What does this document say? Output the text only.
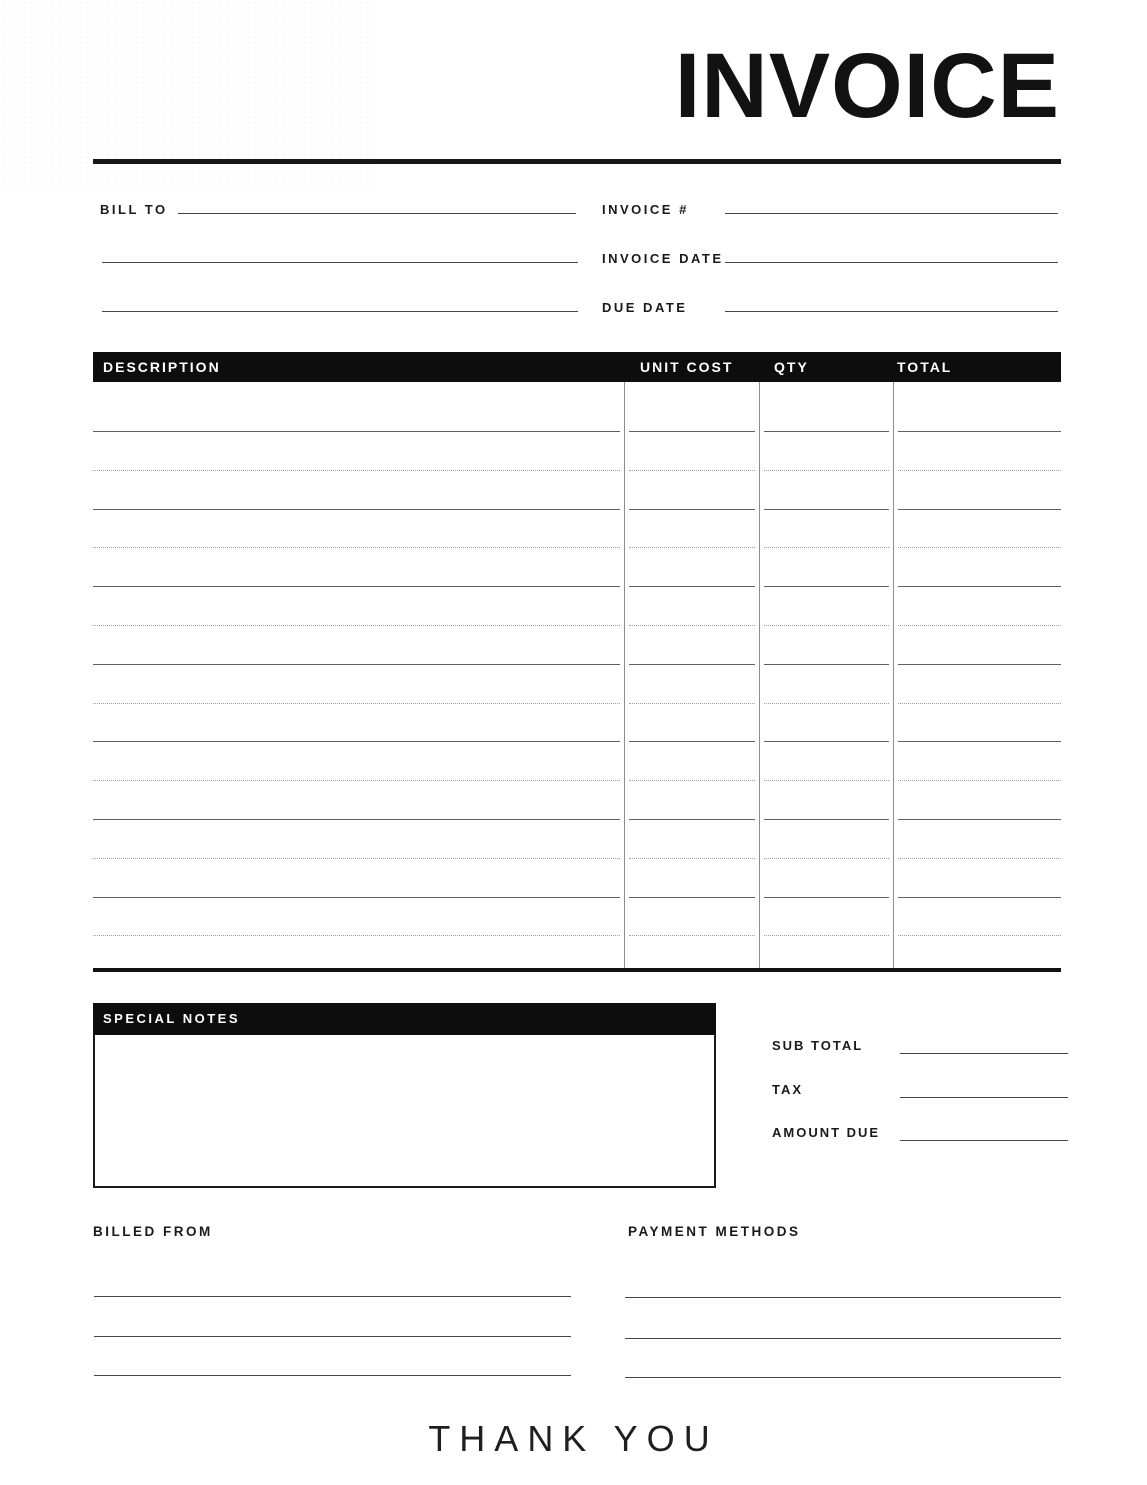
INVOICE
BILL TO	INVOICE #
INVOICE DATE
DUE DATE
DESCRIPTION	UNIT COST	QTY	TOTAL
SPECIAL NOTES
SUB TOTAL
TAX
AMOUNT DUE
BILLED FROM	PAYMENT METHODS

THANK YOU
